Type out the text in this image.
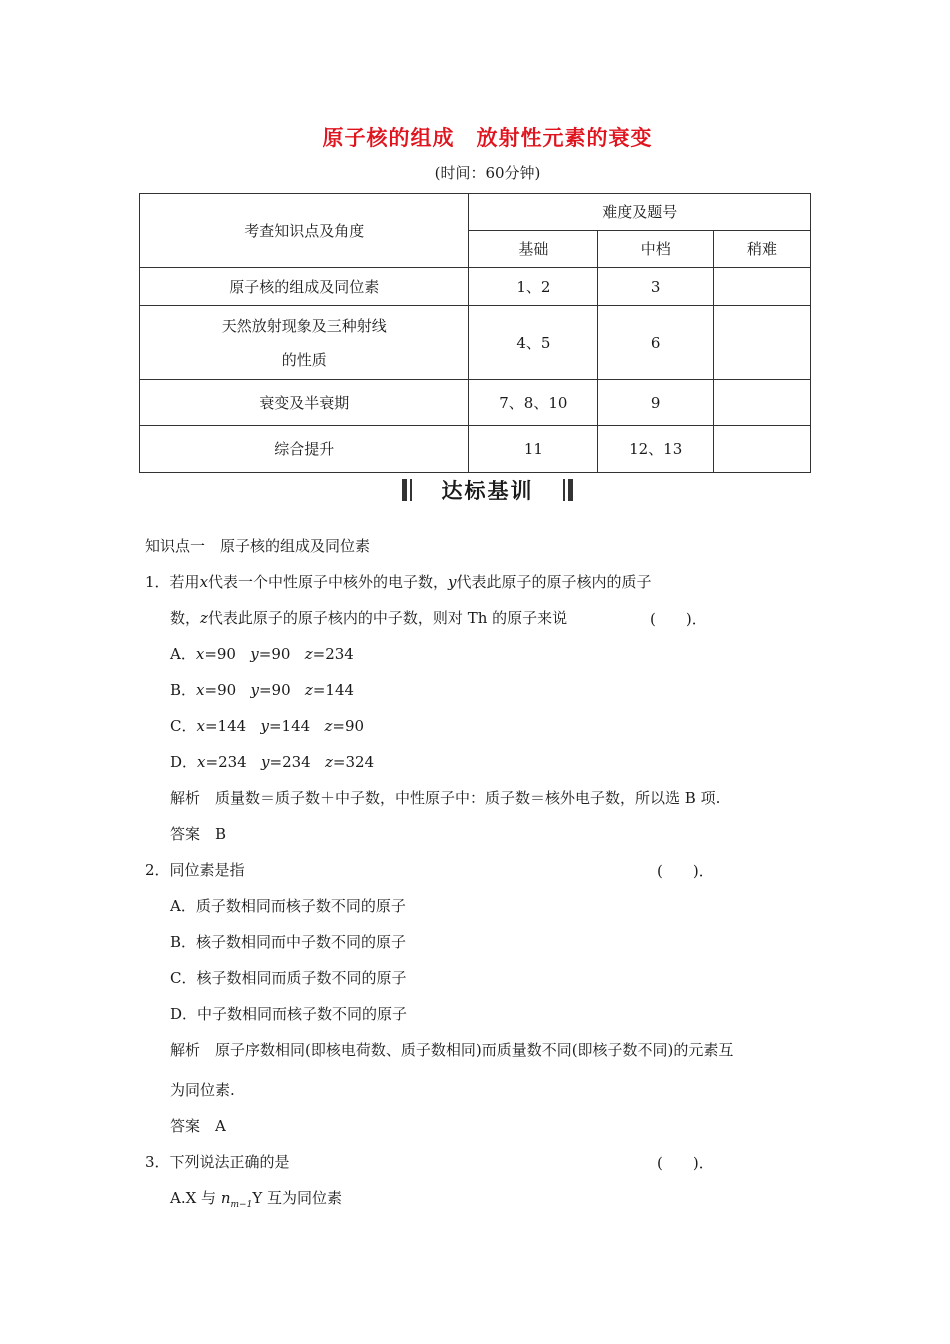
原子核的组成　放射性元素的衰变
(时间：60分钟)
考查知识点及角度	难度及题号		
	基础	中档	稍难
原子核的组成及同位素	1、2	3	

天然放射现象及三种射线
的性质	4、5	6	
衰变及半衰期	7、8、10	9	
综合提升	11	12、13	
达标基训
知识点一　原子核的组成及同位素
1．若用x代表一个中性原子中核外的电子数，y代表此原子的原子核内的质子
数，z代表此原子的原子核内的中子数，则对 Th 的原子来说	(　　)．
A．x=90 y=90 z=234
B．x=90 y=90 z=144
C．x=144 y=144 z=90
D．x=234 y=234 z=324
解析　质量数＝质子数＋中子数，中性原子中：质子数＝核外电子数，所以选 B 项.
答案　B
2．同位素是指	(　　)．
A．质子数相同而核子数不同的原子
B．核子数相同而中子数不同的原子
C．核子数相同而质子数不同的原子
D．中子数相同而核子数不同的原子
解析　原子序数相同(即核电荷数、质子数相同)而质量数不同(即核子数不同)的元素互
为同位素.
答案　A
3．下列说法正确的是	(　　)．
A.X 与 $n_{m-1}Y$ 互为同位素
